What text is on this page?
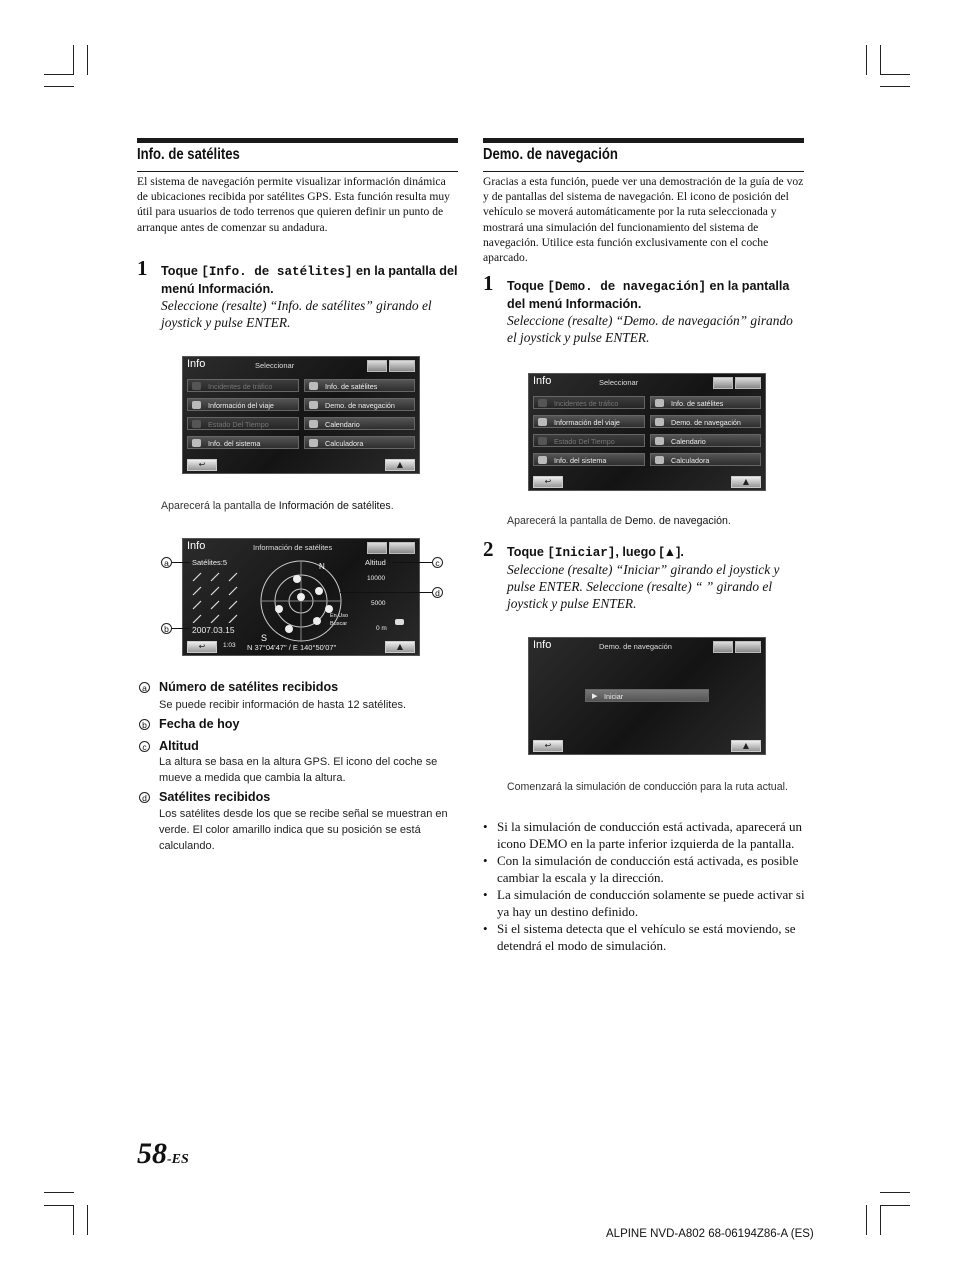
Info. de satélites
El sistema de navegación permite visualizar información dinámica de ubicaciones recibida por satélites GPS. Esta función resulta muy útil para usuarios de todo terrenos que quieren definir un punto de arranque antes de comenzar su andadura.
1 Toque [Info. de satélites] en la pantalla del menú Información.
Seleccione (resalte) “Info. de satélites” girando el joystick y pulse ENTER.
Info	Seleccionar
Incidentes de tráfico	Info. de satélites
Información del viaje	Demo. de navegación
Estado Del Tiempo	Calendario
Info. del sistema	Calculadora
↩	▲
Aparecerá la pantalla de Información de satélites.
Info	Información de satélites
Satélites:5
2007.03.15
S
N
En Uso
Buscar
Altitud
10000
5000
0 m
↩	1:03 N 37°04'47" / E 140°50'07"	▲
a
b
c
d
a Número de satélites recibidos
Se puede recibir información de hasta 12 satélites.
b Fecha de hoy
c Altitud
La altura se basa en la altura GPS. El icono del coche se mueve a medida que cambia la altura.
d Satélites recibidos
Los satélites desde los que se recibe señal se muestran en verde. El color amarillo indica que su posición se está calculando.
Demo. de navegación
Gracias a esta función, puede ver una demostración de la guía de voz y de pantallas del sistema de navegación. El icono de posición del vehículo se moverá automáticamente por la ruta seleccionada y mostrará una simulación del funcionamiento del sistema de navegación. Utilice esta función exclusivamente con el coche aparcado.
1 Toque [Demo. de navegación] en la pantalla del menú Información.
Seleccione (resalte) “Demo. de navegación” girando el joystick y pulse ENTER.
Info	Seleccionar
Incidentes de tráfico	Info. de satélites
Información del viaje	Demo. de navegación
Estado Del Tiempo	Calendario
Info. del sistema	Calculadora
↩	▲
Aparecerá la pantalla de Demo. de navegación.
2 Toque [Iniciar], luego [▲].
Seleccione (resalte) “Iniciar” girando el joystick y pulse ENTER. Seleccione (resalte) “ ” girando el joystick y pulse ENTER.
Info	Demo. de navegación
▶ Iniciar
↩	▲
Comenzará la simulación de conducción para la ruta actual.
• Si la simulación de conducción está activada, aparecerá un icono DEMO en la parte inferior izquierda de la pantalla.
• Con la simulación de conducción está activada, es posible cambiar la escala y la dirección.
• La simulación de conducción solamente se puede activar si ya hay un destino definido.
• Si el sistema detecta que el vehículo se está moviendo, se detendrá el modo de simulación.
58-ES
ALPINE NVD-A802 68-06194Z86-A (ES)
